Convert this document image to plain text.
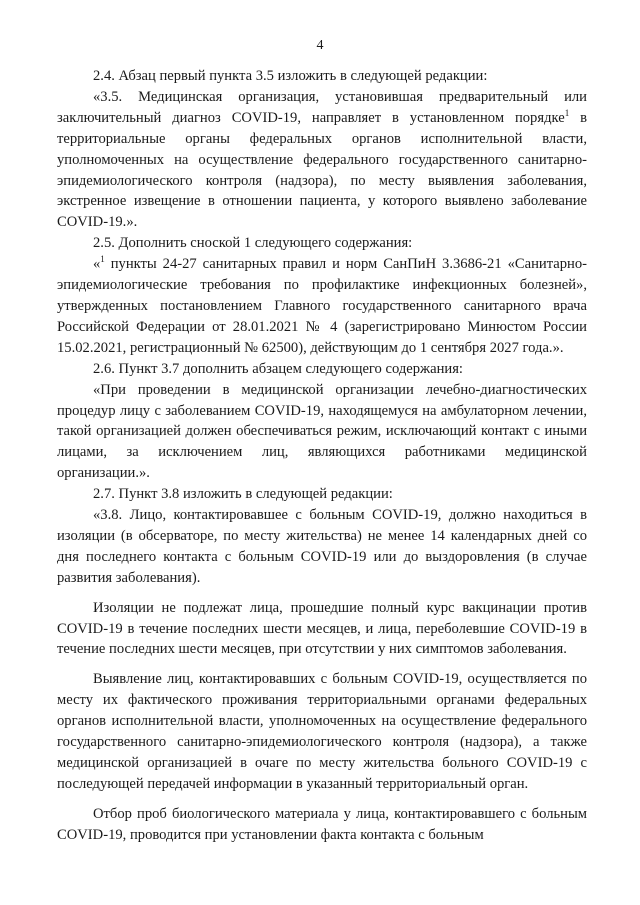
4

2.4. Абзац первый пункта 3.5 изложить в следующей редакции:

«3.5. Медицинская организация, установившая предварительный или заключительный диагноз COVID-19, направляет в установленном порядке$^1$ в территориальные органы федеральных органов исполнительной власти, уполномоченных на осуществление федерального государственного санитарно-эпидемиологического контроля (надзора), по месту выявления заболевания, экстренное извещение в отношении пациента, у которого выявлено заболевание COVID-19.».

2.5. Дополнить сноской 1 следующего содержания:

«$^1$ пункты 24-27 санитарных правил и норм СанПиН 3.3686-21 «Санитарно-эпидемиологические требования по профилактике инфекционных болезней», утвержденных постановлением Главного государственного санитарного врача Российской Федерации от 28.01.2021 № 4 (зарегистрировано Минюстом России 15.02.2021, регистрационный № 62500), действующим до 1 сентября 2027 года.».

2.6. Пункт 3.7 дополнить абзацем следующего содержания:

«При проведении в медицинской организации лечебно-диагностических процедур лицу с заболеванием COVID-19, находящемуся на амбулаторном лечении, такой организацией должен обеспечиваться режим, исключающий контакт с иными лицами, за исключением лиц, являющихся работниками медицинской организации.».

2.7. Пункт 3.8 изложить в следующей редакции:

«3.8. Лицо, контактировавшее с больным COVID-19, должно находиться в изоляции (в обсерваторе, по месту жительства) не менее 14 календарных дней со дня последнего контакта с больным COVID-19 или до выздоровления (в случае развития заболевания).

Изоляции не подлежат лица, прошедшие полный курс вакцинации против COVID-19 в течение последних шести месяцев, и лица, переболевшие COVID-19 в течение последних шести месяцев, при отсутствии у них симптомов заболевания.

Выявление лиц, контактировавших с больным COVID-19, осуществляется по месту их фактического проживания территориальными органами федеральных органов исполнительной власти, уполномоченных на осуществление федерального государственного санитарно-эпидемиологического контроля (надзора), а также медицинской организацией в очаге по месту жительства больного COVID-19 с последующей передачей информации в указанный территориальный орган.

Отбор проб биологического материала у лица, контактировавшего с больным COVID-19, проводится при установлении факта контакта с больным
